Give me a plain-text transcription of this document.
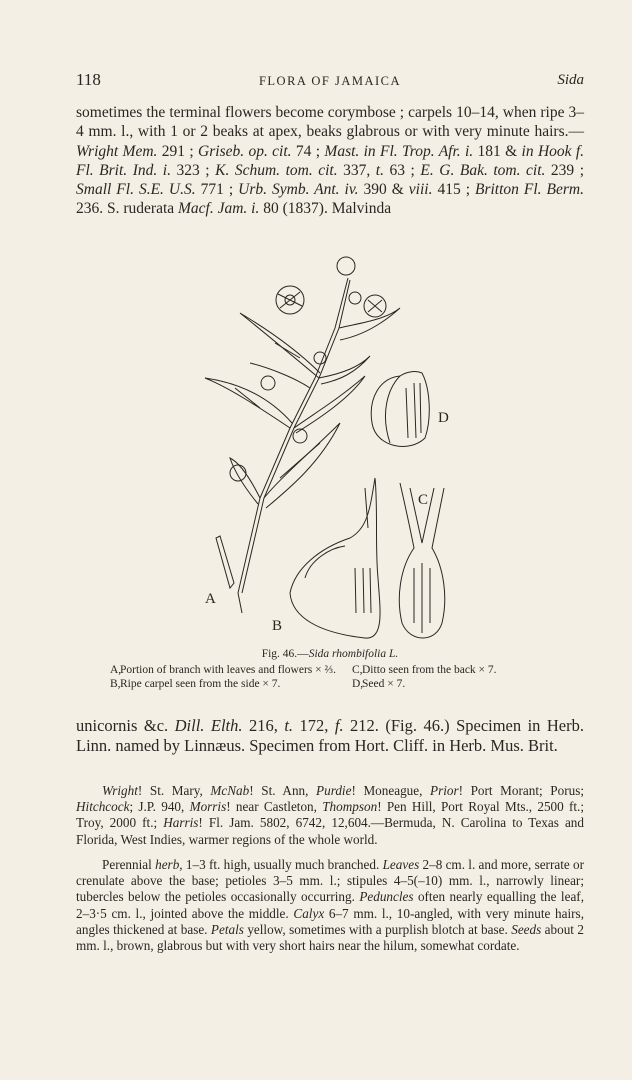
118	FLORA OF JAMAICA	Sida
sometimes the terminal flowers become corymbose ; carpels 10–14, when ripe 3–4 mm. l., with 1 or 2 beaks at apex, beaks glabrous or with very minute hairs.—Wright Mem. 291 ; Griseb. op. cit. 74 ; Mast. in Fl. Trop. Afr. i. 181 & in Hook f. Fl. Brit. Ind. i. 323 ; K. Schum. tom. cit. 337, t. 63 ; E. G. Bak. tom. cit. 239 ; Small Fl. S.E. U.S. 771 ; Urb. Symb. Ant. iv. 390 & viii. 415 ; Britton Fl. Berm. 236. S. ruderata Macf. Jam. i. 80 (1837). Malvinda
A
B
C
D
Fig. 46.—Sida rhombifolia L.
A,
Portion of branch with leaves and flowers × ⅔.
B, Ripe carpel seen from the side × 7.
C, Ditto seen from the back × 7.
D,
Seed × 7.
unicornis &c. Dill. Elth. 216, t. 172, f. 212. (Fig. 46.) Specimen in Herb. Linn. named by Linnæus. Specimen from Hort. Cliff. in Herb. Mus. Brit.
Wright! St. Mary, McNab! St. Ann, Purdie! Moneague, Prior! Port Morant; Porus; Hitchcock; J.P. 940, Morris! near Castleton, Thompson! Pen Hill, Port Royal Mts., 2500 ft.; Troy, 2000 ft.; Harris! Fl. Jam. 5802, 6742, 12,604.—Bermuda, N. Carolina to Texas and Florida, West Indies, warmer regions of the whole world.
Perennial herb, 1–3 ft. high, usually much branched. Leaves 2–8 cm. l. and more, serrate or crenulate above the base; petioles 3–5 mm. l.; stipules 4–5(–10) mm. l., narrowly linear; tubercles below the petioles occasionally occurring. Peduncles often nearly equalling the leaf, 2–3·5 cm. l., jointed above the middle. Calyx 6–7 mm. l., 10-angled, with very minute hairs, angles thickened at base. Petals yellow, sometimes with a purplish blotch at base. Seeds about 2 mm. l., brown, glabrous but with very short hairs near the hilum, somewhat cordate.
